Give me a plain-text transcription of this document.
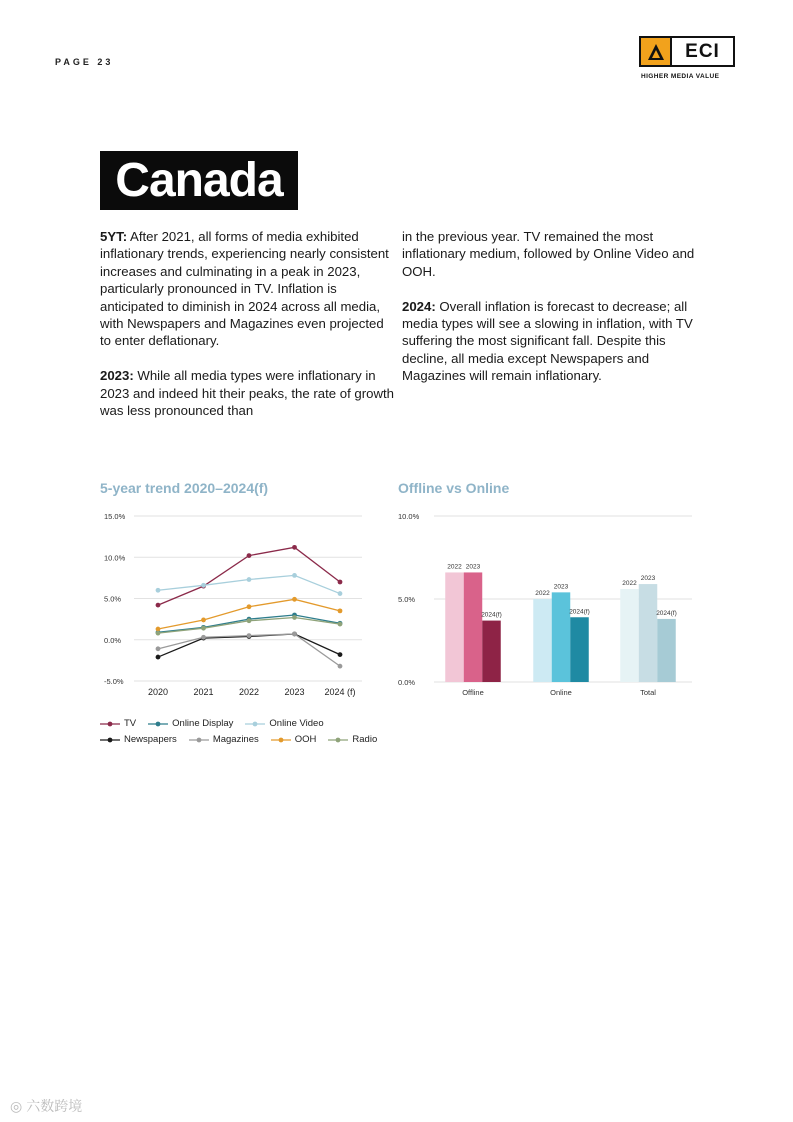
PAGE 23
ECI
HIGHER MEDIA VALUE
Canada

5YT: After 2021, all forms of media exhibited inflationary trends, experiencing nearly consistent increases and culminating in a peak in 2023, particularly pronounced in TV. Inflation is anticipated to diminish in 2024 across all media, with Newspapers and Magazines even projected to enter deflationary.

2023: While all media types were inflationary in 2023 and indeed hit their peaks, the rate of growth was less pronounced than

in the previous year. TV remained the most inflationary medium, followed by Online Video and OOH.

2024: Overall inflation is forecast to decrease; all media types will see a slowing in inflation, with TV suffering the most significant fall. Despite this decline, all media except Newspapers and Magazines will remain inflationary.

5-year trend 2020–2024(f)	Offline vs Online
15.0%
10.0%
5.0%
0.0%
-5.0%
2020	2021	2022	2023 2024 (f)
10.0%
5.0%
0.0%
2022 2023
2024(f)
Offline
2022
2023
2024(f)
Online
2022
2023
2024(f)
Total
TV	Online Display	Online Video
Newspapers	Magazines	OOH	Radio
◎ 六数跨境
